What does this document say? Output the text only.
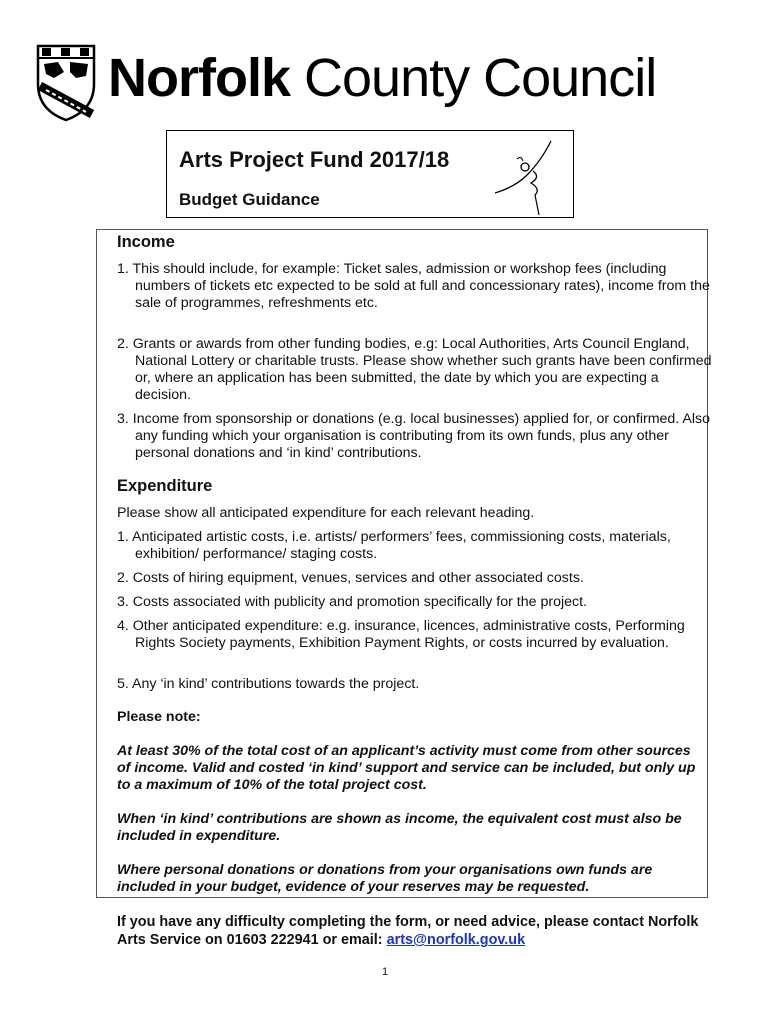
Norfolk County Council
Arts Project Fund 2017/18
Budget Guidance
Income

1. This should include, for example: Ticket sales, admission or workshop fees (including numbers of tickets etc expected to be sold at full and concessionary rates), income from the sale of programmes, refreshments etc.

2. Grants or awards from other funding bodies, e.g: Local Authorities, Arts Council England, National Lottery or charitable trusts. Please show whether such grants have been confirmed or, where an application has been submitted, the date by which you are expecting a decision.

3. Income from sponsorship or donations (e.g. local businesses) applied for, or confirmed. Also any funding which your organisation is contributing from its own funds, plus any other personal donations and ‘in kind’ contributions.

Expenditure

Please show all anticipated expenditure for each relevant heading.

1. Anticipated artistic costs, i.e. artists/ performers’ fees, commissioning costs, materials, exhibition/ performance/ staging costs.

2. Costs of hiring equipment, venues, services and other associated costs.

3. Costs associated with publicity and promotion specifically for the project.

4. Other anticipated expenditure: e.g. insurance, licences, administrative costs, Performing Rights Society payments, Exhibition Payment Rights, or costs incurred by evaluation.

5. Any ‘in kind’ contributions towards the project.

Please note:

At least 30% of the total cost of an applicant’s activity must come from other sources of income. Valid and costed ‘in kind’ support and service can be included, but only up to a maximum of 10% of the total project cost.

When ‘in kind’ contributions are shown as income, the equivalent cost must also be included in expenditure.

Where personal donations or donations from your organisations own funds are included in your budget, evidence of your reserves may be requested.

If you have any difficulty completing the form, or need advice, please contact Norfolk Arts Service on 01603 222941 or email: arts@norfolk.gov.uk

1
